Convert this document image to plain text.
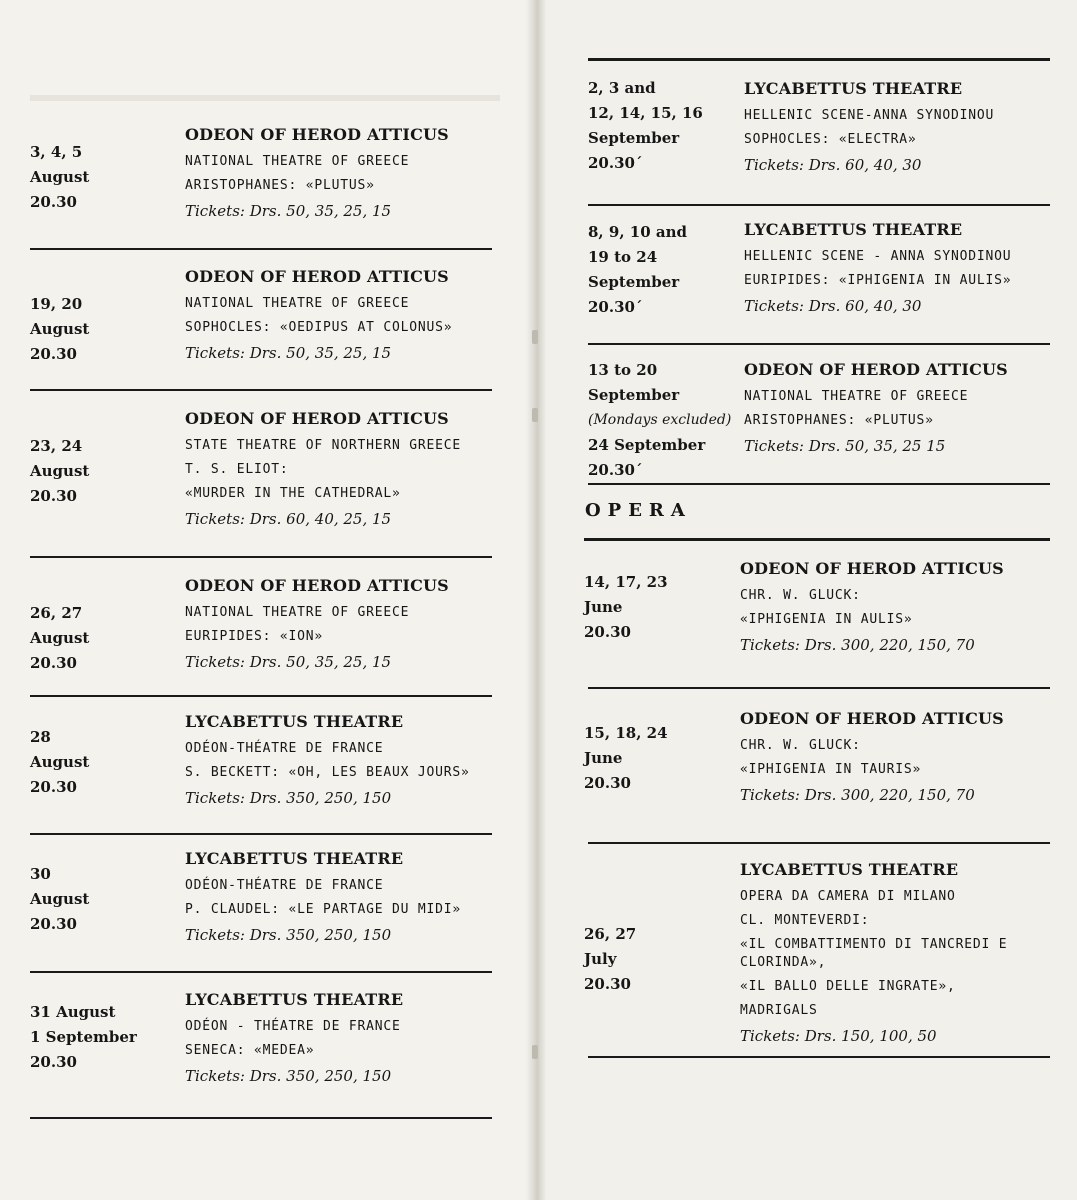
3, 4, 5
August
20.30
ODEON OF HEROD ATTICUS
NATIONAL THEATRE OF GREECE
ARISTOPHANES: «PLUTUS»
Tickets: Drs. 50, 35, 25, 15
19, 20
August
20.30
ODEON OF HEROD ATTICUS
NATIONAL THEATRE OF GREECE
SOPHOCLES: «OEDIPUS AT COLONUS»
Tickets: Drs. 50, 35, 25, 15
23, 24
August
20.30
ODEON OF HEROD ATTICUS
STATE THEATRE OF NORTHERN GREECE
T. S. ELIOT:
«MURDER IN THE CATHEDRAL»
Tickets: Drs. 60, 40, 25, 15
26, 27
August
20.30
ODEON OF HEROD ATTICUS
NATIONAL THEATRE OF GREECE
EURIPIDES: «ION»
Tickets: Drs. 50, 35, 25, 15
28
August
20.30
LYCABETTUS THEATRE
ODÉON-THÉATRE DE FRANCE
S. BECKETT: «OH, LES BEAUX JOURS»
Tickets: Drs. 350, 250, 150
30
August
20.30
LYCABETTUS THEATRE
ODÉON-THÉATRE DE FRANCE
P. CLAUDEL: «LE PARTAGE DU MIDI»
Tickets: Drs. 350, 250, 150
31 August
1 September
20.30
LYCABETTUS THEATRE
ODÉON - THÉATRE DE FRANCE
SENECA: «MEDEA»
Tickets: Drs. 350, 250, 150
2, 3 and
12, 14, 15, 16
September
20.30´
LYCABETTUS THEATRE
HELLENIC SCENE-ANNA SYNODINOU
SOPHOCLES: «ELECTRA»
Tickets: Drs. 60, 40, 30
8, 9, 10 and
19 to 24
September
20.30´
LYCABETTUS THEATRE
HELLENIC SCENE - ANNA SYNODINOU
EURIPIDES: «IPHIGENIA IN AULIS»
Tickets: Drs. 60, 40, 30
13 to 20
September
(Mondays excluded)
24 September
20.30´
ODEON OF HEROD ATTICUS
NATIONAL THEATRE OF GREECE
ARISTOPHANES: «PLUTUS»
Tickets: Drs. 50, 35, 25 15
14, 17, 23
June
20.30
ODEON OF HEROD ATTICUS
CHR. W. GLUCK:
«IPHIGENIA IN AULIS»
Tickets: Drs. 300, 220, 150, 70
15, 18, 24
June
20.30
ODEON OF HEROD ATTICUS
CHR. W. GLUCK:
«IPHIGENIA IN TAURIS»
Tickets: Drs. 300, 220, 150, 70
26, 27
July
20.30
LYCABETTUS THEATRE
OPERA DA CAMERA DI MILANO
CL. MONTEVERDI:
«IL COMBATTIMENTO DI TANCREDI E CLORINDA»,
«IL BALLO DELLE INGRATE»,
MADRIGALS
Tickets: Drs. 150, 100, 50
OPERA
